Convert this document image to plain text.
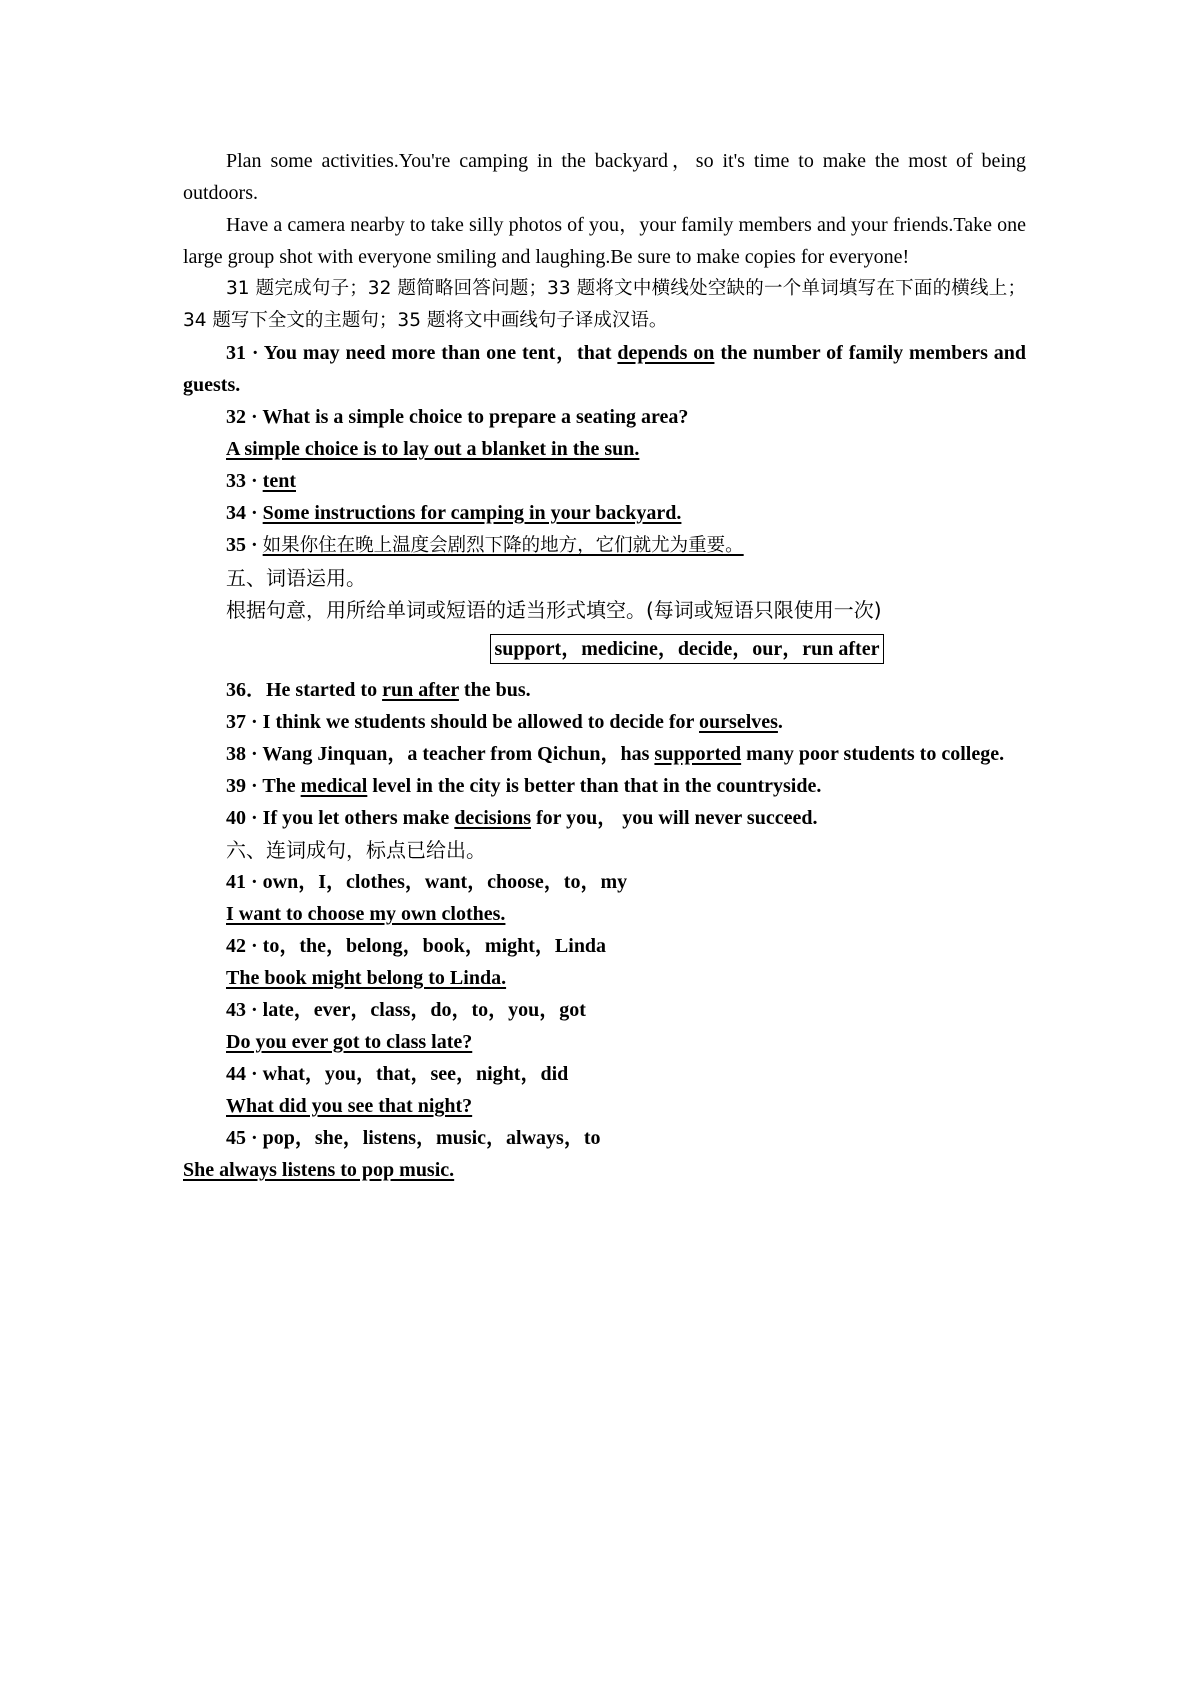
Plan some activities.You're camping in the backyard，so it's time to make the most of being outdoors.

Have a camera nearby to take silly photos of you，your family members and your friends.Take one large group shot with everyone smiling and laughing.Be sure to make copies for everyone!

31 题完成句子；32 题简略回答问题；33 题将文中横线处空缺的一个单词填写在下面的横线上；34 题写下全文的主题句；35 题将文中画线句子译成汉语。

31 · You may need more than one tent，that depends on the number of family members and guests.

32 · What is a simple choice to prepare a seating area?

A simple choice is to lay out a blanket in the sun.

33 · tent

34 · Some instructions for camping in your backyard.

35 · 如果你住在晚上温度会剧烈下降的地方，它们就尤为重要。

五、词语运用。

根据句意，用所给单词或短语的适当形式填空。(每词或短语只限使用一次)

support，medicine，decide，our，run after

36．He started to run after the bus.

37 · I think we students should be allowed to decide for ourselves.

38 · Wang Jinquan，a teacher from Qichun，has supported many poor students to college.

39 · The medical level in the city is better than that in the countryside.

40 · If you let others make decisions for you， you will never succeed.

六、连词成句，标点已给出。

41 · own，I，clothes，want，choose，to，my

I want to choose my own clothes.

42 · to，the，belong，book，might，Linda

The book might belong to Linda.

43 · late，ever，class，do，to，you，got

Do you ever got to class late?

44 · what，you，that，see，night，did

What did you see that night?

45 · pop，she，listens，music，always，to

She always listens to pop music.
